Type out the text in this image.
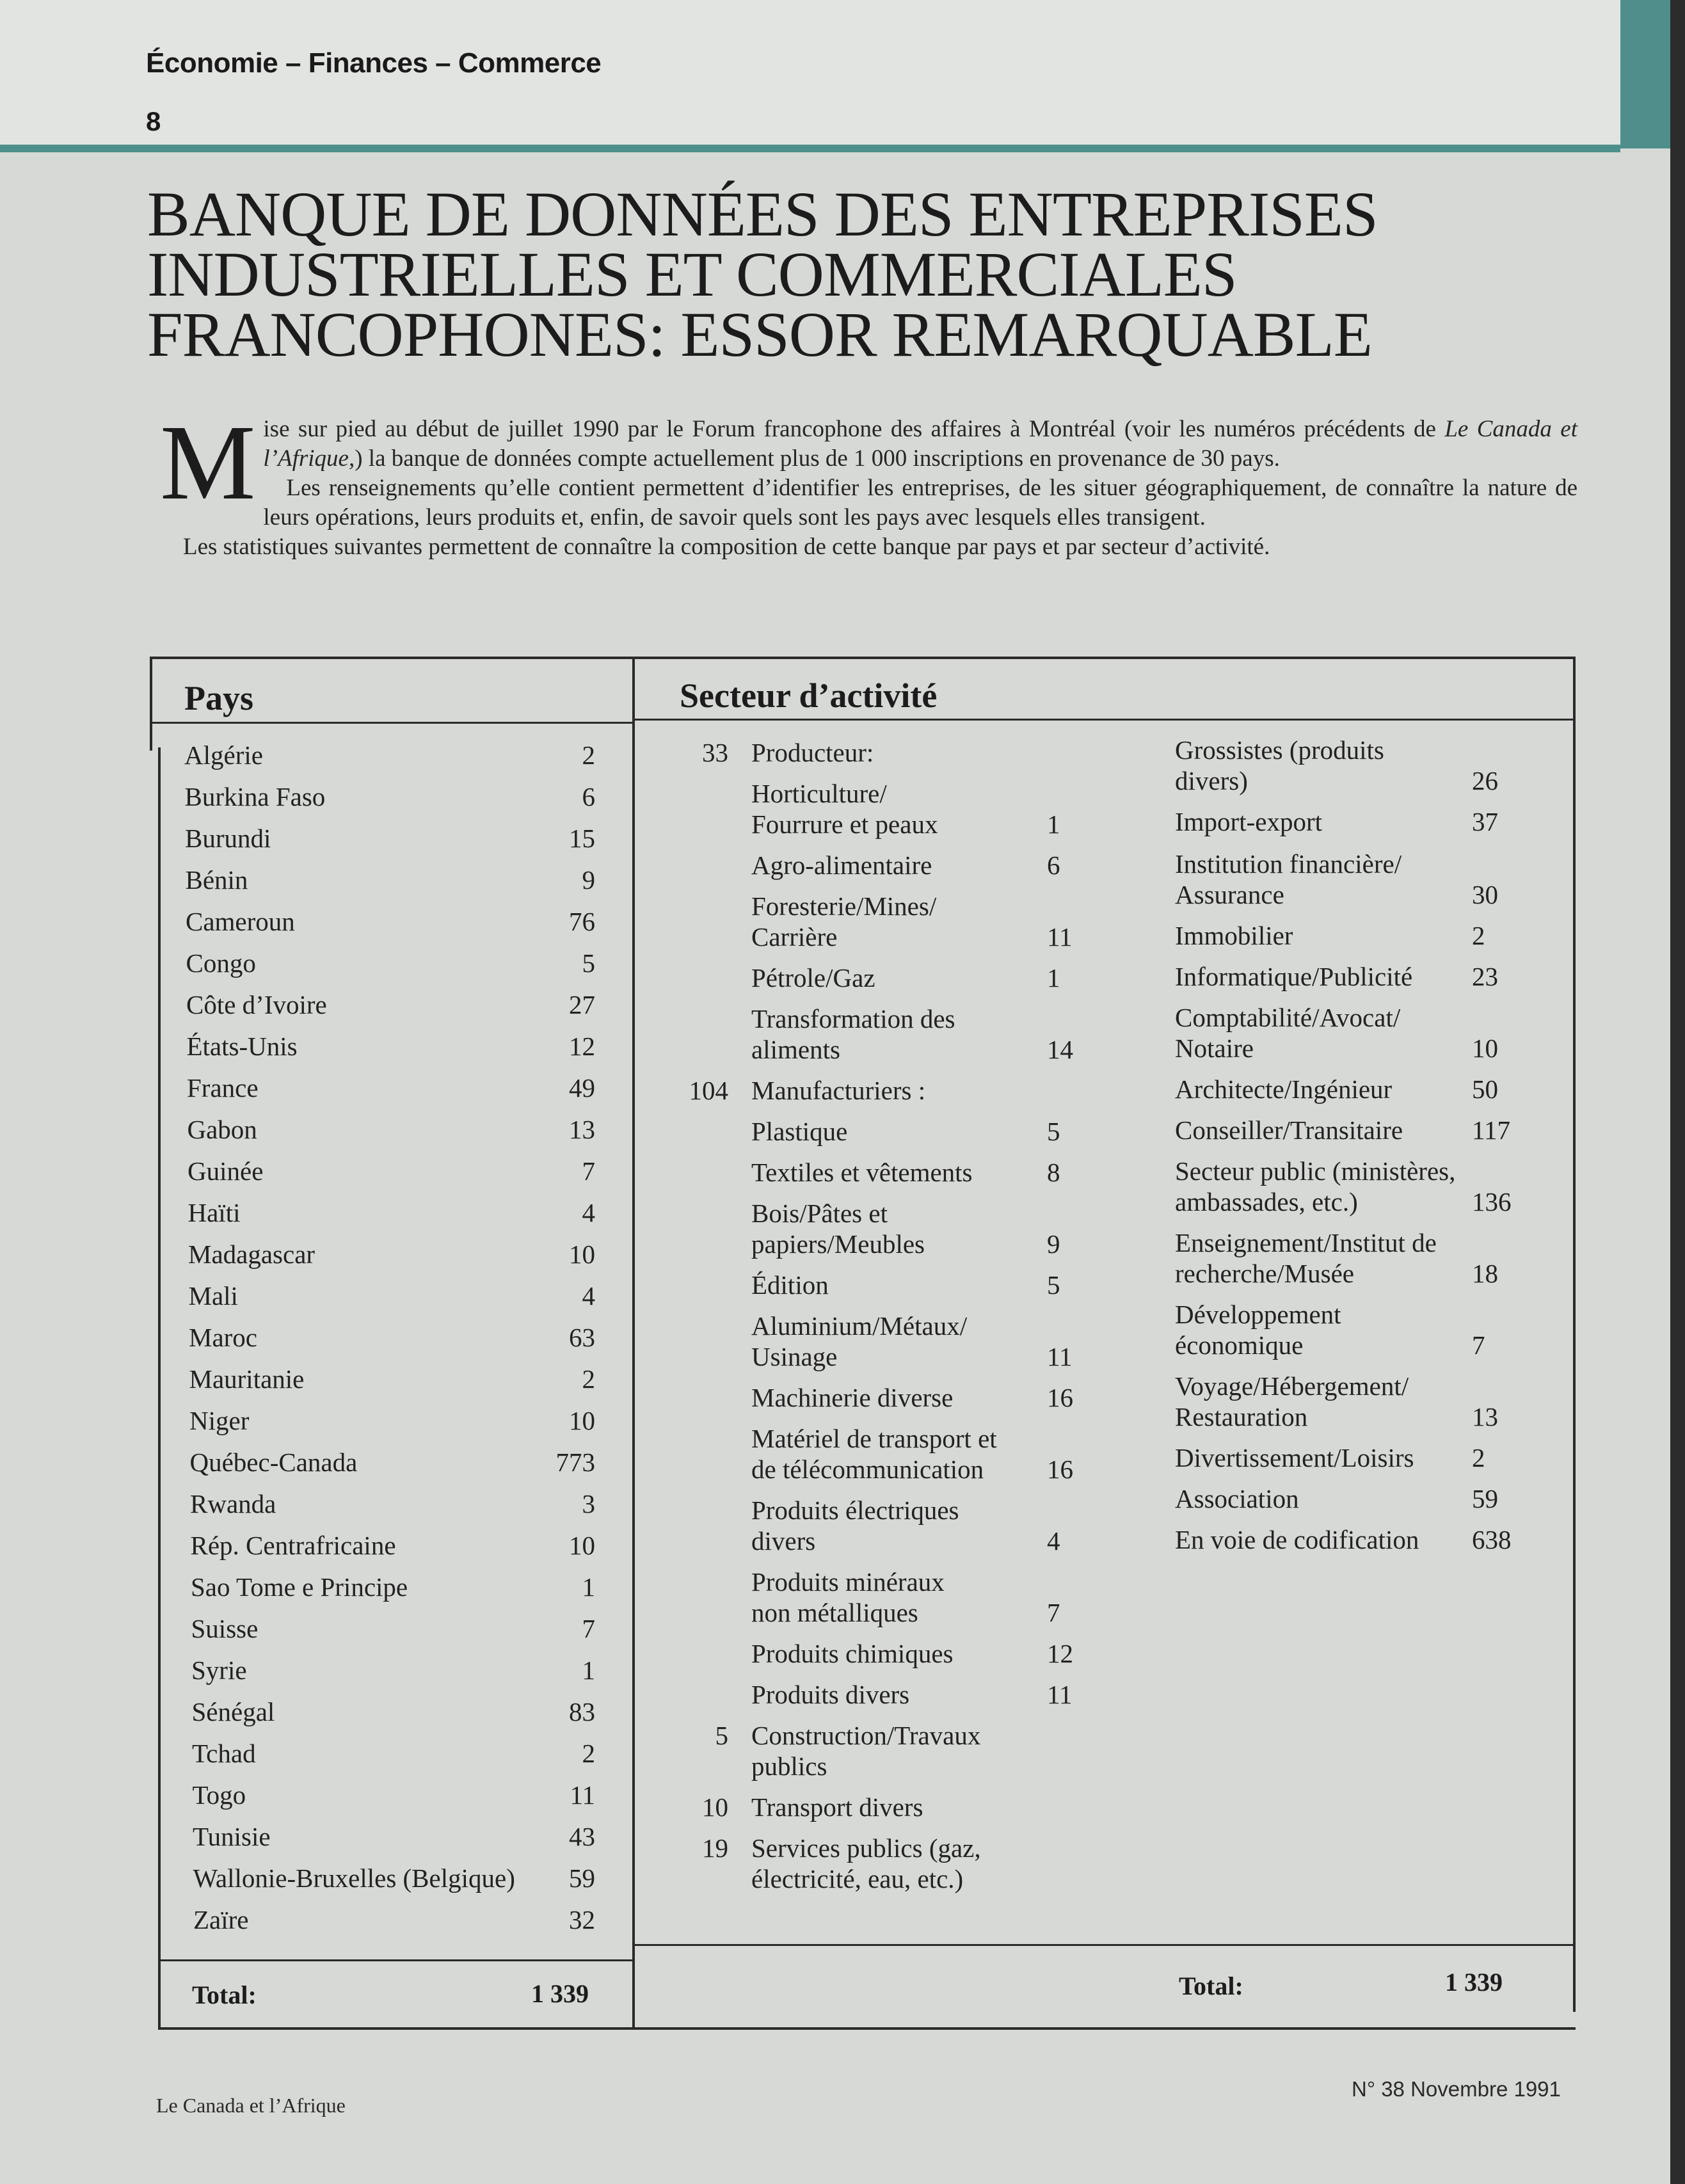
Économie – Finances – Commerce
8
BANQUE DE DONNÉES DES ENTREPRISES
INDUSTRIELLES ET COMMERCIALES
FRANCOPHONES: ESSOR REMARQUABLE

Mise sur pied au début de juillet 1990 par le Forum francophone des affaires à Montréal (voir les numéros précédents de Le Canada et l’Afrique,) la banque de données compte actuellement plus de 1 000 inscriptions en provenance de 30 pays.

Les renseignements qu’elle contient permettent d’identifier les entreprises, de les situer géographiquement, de connaître la nature de leurs opérations, leurs produits et, enfin, de savoir quels sont les pays avec lesquels elles transigent.

Les statistiques suivantes permettent de connaître la composition de cette banque par pays et par secteur d’activité.

Pays	Secteur d’activité
Algérie	2
Burkina Faso	6
Burundi	15
Bénin	9
Cameroun	76
Congo	5
Côte d’Ivoire	27
États-Unis	12
France	49
Gabon	13
Guinée	7
Haïti	4
Madagascar	10
Mali	4
Maroc	63
Mauritanie	2
Niger	10
Québec-Canada	773
Rwanda	3
Rép. Centrafricaine	10
Sao Tome e Principe	1
Suisse	7
Syrie	1
Sénégal	83
Tchad	2
Togo	11
Tunisie	43
Wallonie-Bruxelles (Belgique)	59
Zaïre	32
Total:	1 339
33 Producteur:
Horticulture/
Fourrure et peaux	1
Agro-alimentaire	6
Foresterie/Mines/
Carrière	11
Pétrole/Gaz	1
Transformation des
aliments	14
104 Manufacturiers :
Plastique	5
Textiles et vêtements	8
Bois/Pâtes et
papiers/Meubles	9
Édition	5
Aluminium/Métaux/
Usinage	11
Machinerie diverse	16
Matériel de transport et
de télécommunication	16
Produits électriques
divers	4
Produits minéraux
non métalliques	7
Produits chimiques	12
Produits divers	11
5 Construction/Travaux
publics
10 Transport divers
19 Services publics (gaz,
électricité, eau, etc.)
Grossistes (produits
divers)	26
Import-export	37
Institution financière/
Assurance	30
Immobilier	2
Informatique/Publicité 23
Comptabilité/Avocat/
Notaire	10
Architecte/Ingénieur	50
Conseiller/Transitaire	117
Secteur public (ministères,
ambassades, etc.)	136
Enseignement/Institut de
recherche/Musée	18
Développement
économique	7
Voyage/Hébergement/
Restauration	13
Divertissement/Loisirs 2
Association	59
En voie de codification 638
Total:	1 339
Le Canada et l’Afrique
N° 38 Novembre 1991
